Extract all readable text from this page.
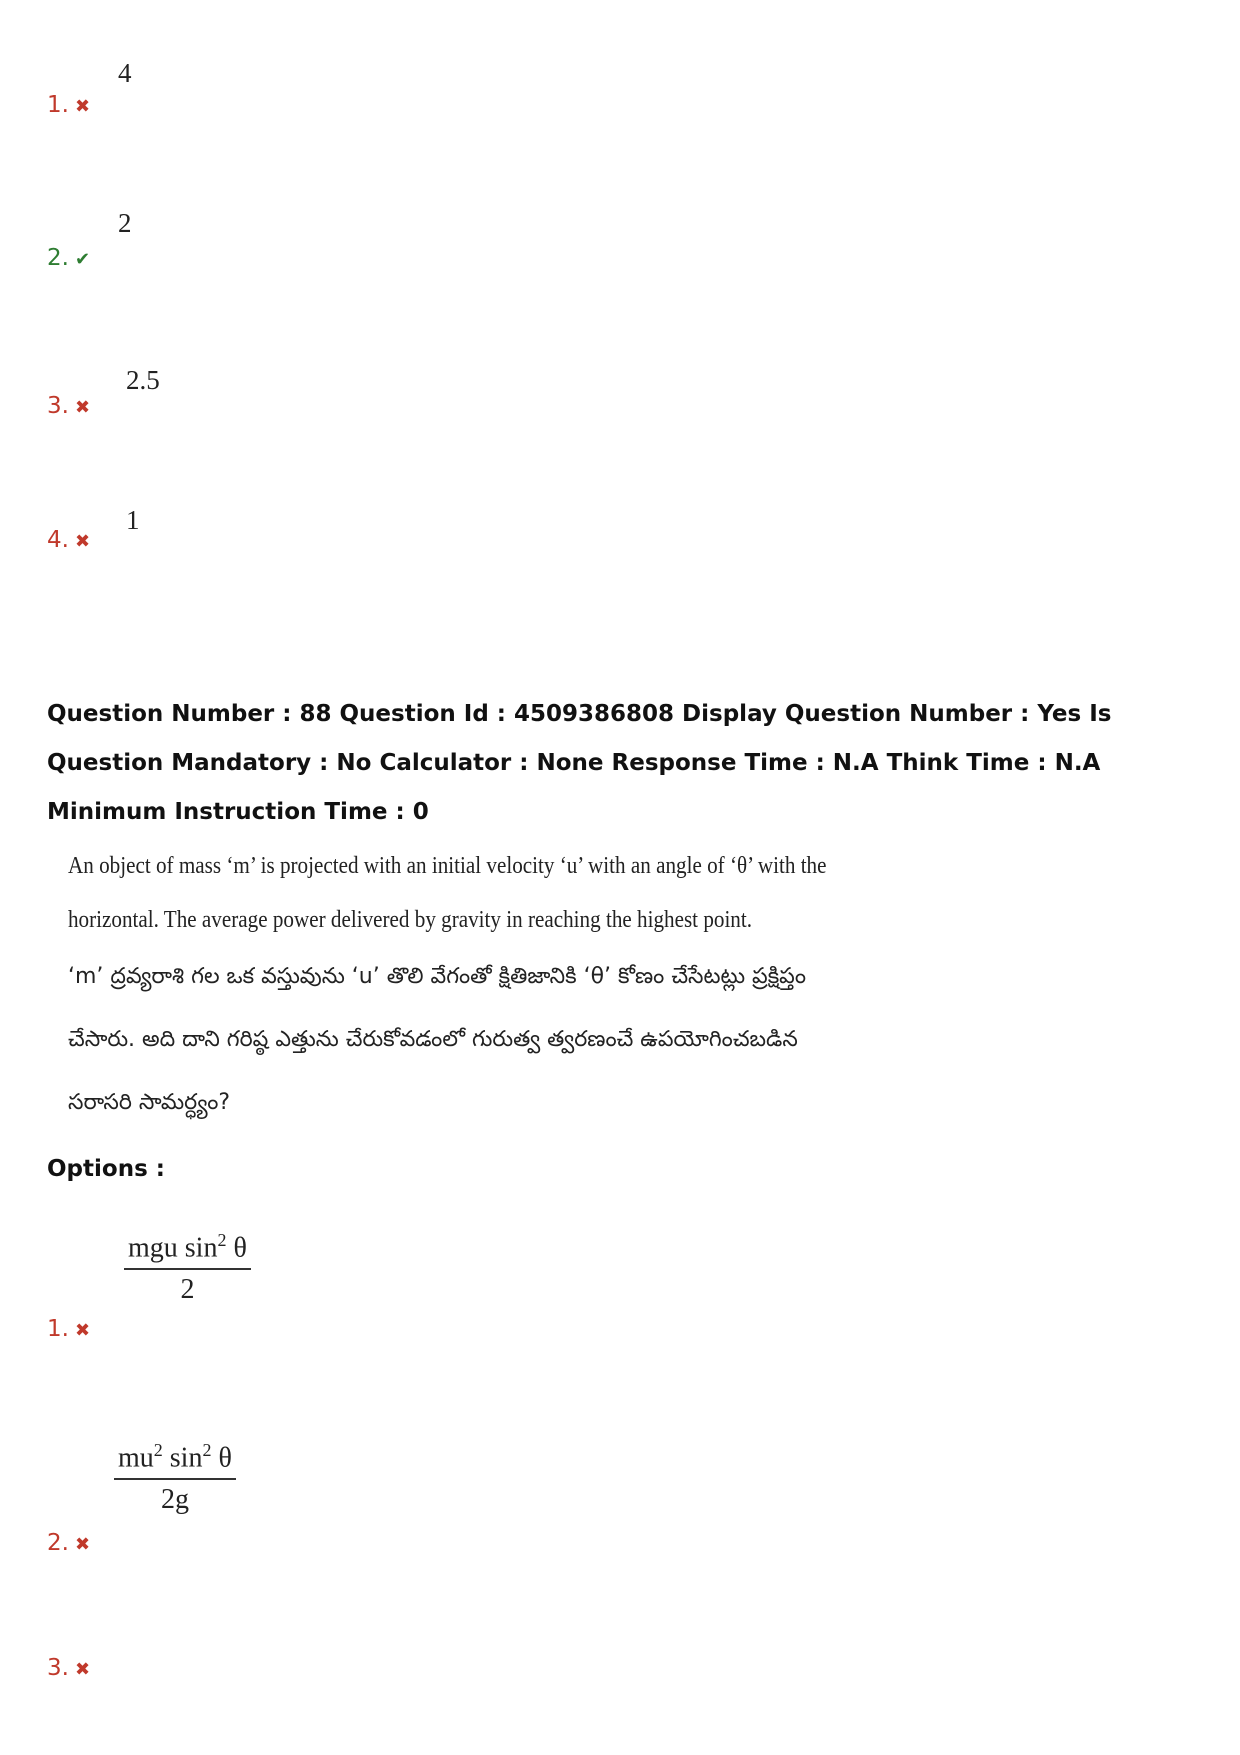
4
1. ✖
2
2. ✔
2.5
3. ✖
1
4. ✖
Question Number : 88 Question Id : 4509386808 Display Question Number : Yes Is Question Mandatory : No Calculator : None Response Time : N.A Think Time : N.A Minimum Instruction Time : 0
An object of mass ‘m’ is projected with an initial velocity ‘u’ with an angle of ‘θ’ with the
horizontal. The average power delivered by gravity in reaching the highest point.
‘m’ ద్రవ్యరాశి గల ఒక వస్తువును ‘u’ తొలి వేగంతో క్షితిజానికి ‘θ’ కోణం చేసేటట్లు ప్రక్షిప్తం
చేసారు. అది దాని గరిష్ఠ ఎత్తును చేరుకోవడంలో గురుత్వ త్వరణంచే ఉపయోగించబడిన
సరాసరి సామర్ధ్యం?
Options :
$\frac{mgu \sin^2 \theta}{2}$
1. ✖
$\frac{mu^2 \sin^2 \theta}{2g}$
2. ✖
3. ✖
